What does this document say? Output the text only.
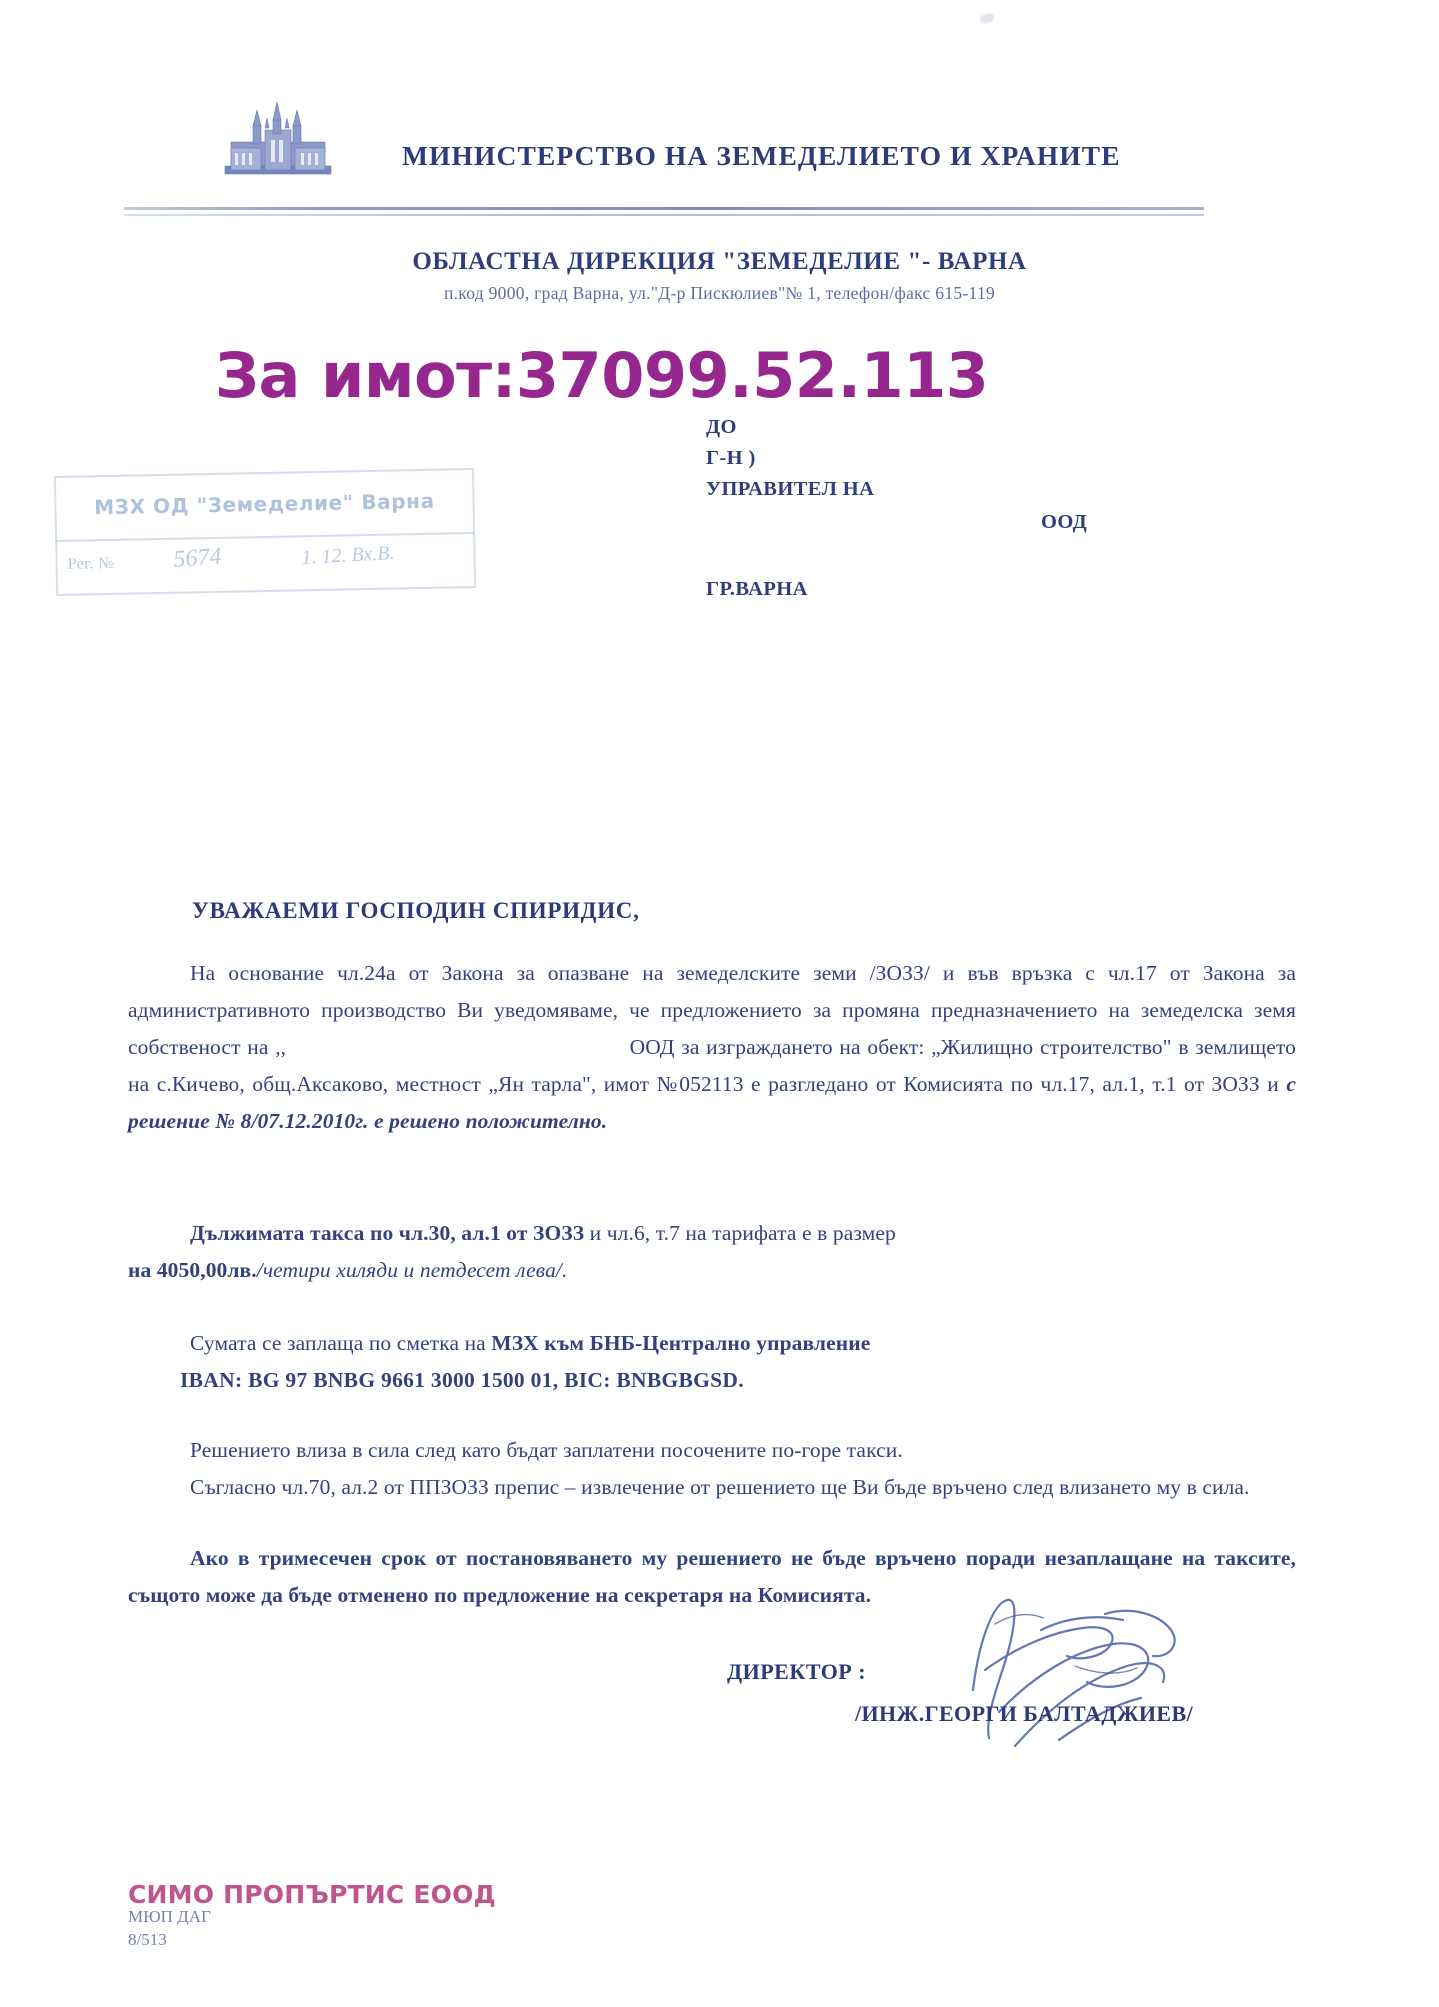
МИНИСТЕРСТВО НА ЗЕМЕДЕЛИЕТО И ХРАНИТЕ
ОБЛАСТНА ДИРЕКЦИЯ "ЗЕМЕДЕЛИЕ "- ВАРНА
п.код 9000, град Варна, ул."Д-р Пискюлиев"№ 1, телефон/факс 615-119
За имот:37099.52.113
ДО
Г-Н )
УПРАВИТЕЛ НА
ООД
ГР.ВАРНА
МЗХ ОД "Земеделие" Варна
Рег. № 5674	1. 12. Вх.В.
УВАЖАЕМИ ГОСПОДИН СПИРИДИС,

На основание чл.24а от Закона за опазване на земеделските земи /ЗОЗЗ/ и във връзка с чл.17 от Закона за административното производство Ви уведомяваме, че предложението за промяна предназначението на земеделска земя собственост на ,,	ООД за изграждането на обект: „Жилищно строителство" в землището на с.Кичево, общ.Аксаково, местност „Ян тарла", имот №052113 е разгледано от Комисията по чл.17, ал.1, т.1 от ЗОЗЗ и с решение № 8/07.12.2010г. е решено положително.

Дължимата такса по чл.30, ал.1 от ЗОЗЗ и чл.6, т.7 на тарифата е в размер

на 4050,00лв./четири хиляди и петдесет лева/.

Сумата се заплаща по сметка на МЗХ към БНБ-Централно управление

IBAN: BG 97 BNBG 9661 3000 1500 01, BIC: BNBGBGSD.

Решението влиза в сила след като бъдат заплатени посочените по-горе такси.

Съгласно чл.70, ал.2 от ППЗОЗЗ препис – извлечение от решението ще Ви бъде връчено след влизането му в сила.

Ако в тримесечен срок от постановяването му решението не бъде връчено поради незаплащане на таксите, същото може да бъде отменено по предложение на секретаря на Комисията.

ДИРЕКТОР :
/ИНЖ.ГЕОРГИ БАЛТАДЖИЕВ/
СИМО ПРОПЪРТИС ЕООД
МЮП ДАГ
8/513
